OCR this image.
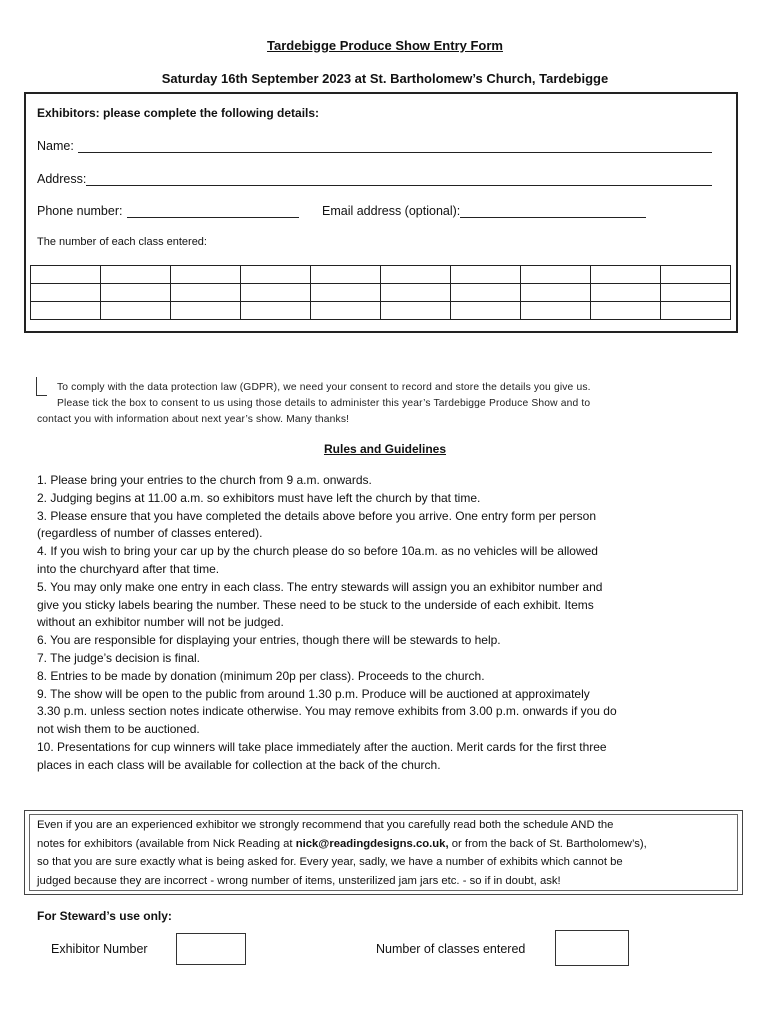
Tardebigge Produce Show Entry Form
Saturday 16th September 2023 at St. Bartholomew’s Church, Tardebigge
Exhibitors: please complete the following details:
Name:
Address:
Phone number:	Email address (optional):
The number of each class entered:

To comply with the data protection law (GDPR), we need your consent to record and store the details you give us.
Please tick the box to consent to us using those details to administer this year’s Tardebigge Produce Show and to
contact you with information about next year’s show. Many thanks!
Rules and Guidelines
1. Please bring your entries to the church from 9 a.m. onwards.
2. Judging begins at 11.00 a.m. so exhibitors must have left the church by that time.
3. Please ensure that you have completed the details above before you arrive. One entry form per person
(regardless of number of classes entered).
4. If you wish to bring your car up by the church please do so before 10a.m. as no vehicles will be allowed
into the churchyard after that time.
5. You may only make one entry in each class. The entry stewards will assign you an exhibitor number and
give you sticky labels bearing the number. These need to be stuck to the underside of each exhibit. Items
without an exhibitor number will not be judged.
6. You are responsible for displaying your entries, though there will be stewards to help.
7. The judge’s decision is final.
8. Entries to be made by donation (minimum 20p per class). Proceeds to the church.
9. The show will be open to the public from around 1.30 p.m. Produce will be auctioned at approximately
3.30 p.m. unless section notes indicate otherwise. You may remove exhibits from 3.00 p.m. onwards if you do
not wish them to be auctioned.
10. Presentations for cup winners will take place immediately after the auction. Merit cards for the first three
places in each class will be available for collection at the back of the church.
Even if you are an experienced exhibitor we strongly recommend that you carefully read both the schedule AND the
notes for exhibitors (available from Nick Reading at nick@readingdesigns.co.uk, or from the back of St. Bartholomew’s),
so that you are sure exactly what is being asked for. Every year, sadly, we have a number of exhibits which cannot be
judged because they are incorrect - wrong number of items, unsterilized jam jars etc. - so if in doubt, ask!
For Steward’s use only:
Exhibitor Number	Number of classes entered
